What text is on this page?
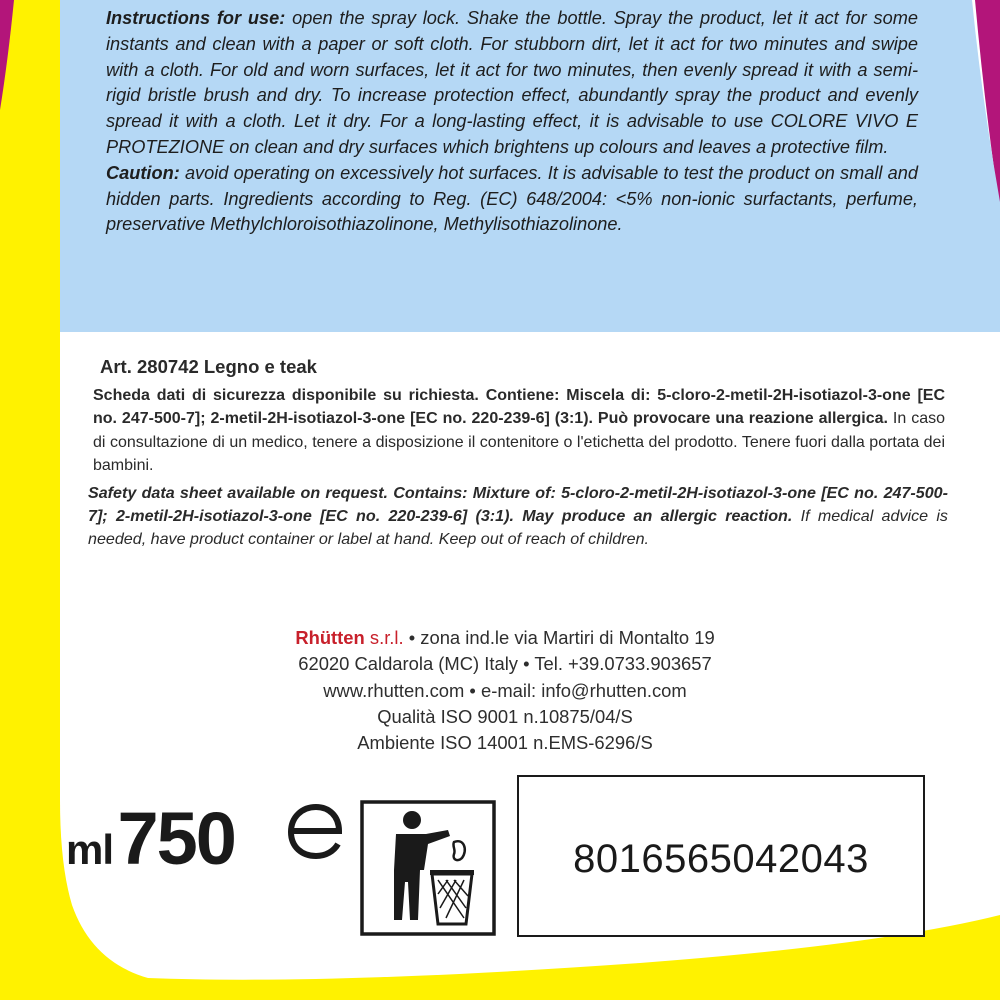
Instructions for use: open the spray lock. Shake the bottle. Spray the product, let it act for some instants and clean with a paper or soft cloth. For stubborn dirt, let it act for two minutes and swipe with a cloth. For old and worn surfaces, let it act for two minutes, then evenly spread it with a semi-rigid bristle brush and dry. To increase protection effect, abundantly spray the product and evenly spread it with a cloth. Let it dry. For a long-lasting effect, it is advisable to use COLORE VIVO E PROTEZIONE on clean and dry surfaces which brightens up colours and leaves a protective film.

Caution: avoid operating on excessively hot surfaces. It is advisable to test the product on small and hidden parts. Ingredients according to Reg. (EC) 648/2004: <5% non-ionic surfactants, perfume, preservative Methylchloroisothiazolinone, Methylisothiazolinone.

Art. 280742 Legno e teak

Scheda dati di sicurezza disponibile su richiesta. Contiene: Miscela di: 5-cloro-2-metil-2H-isotiazol-3-one [EC no. 247-500-7]; 2-metil-2H-isotiazol-3-one [EC no. 220-239-6] (3:1). Può provocare una reazione allergica. In caso di consultazione di un medico, tenere a disposizione il contenitore o l'etichetta del prodotto. Tenere fuori dalla portata dei bambini.

Safety data sheet available on request. Contains: Mixture of: 5-cloro-2-metil-2H-isotiazol-3-one [EC no. 247-500-7]; 2-metil-2H-isotiazol-3-one [EC no. 220-239-6] (3:1). May produce an allergic reaction. If medical advice is needed, have product container or label at hand. Keep out of reach of children.

Rhütten s.r.l. • zona ind.le via Martiri di Montalto 19
62020 Caldarola (MC) Italy • Tel. +39.0733.903657
www.rhutten.com • e-mail: info@rhutten.com
Qualità ISO 9001 n.10875/04/S
Ambiente ISO 14001 n.EMS-6296/S
ml 750	8016565042043
